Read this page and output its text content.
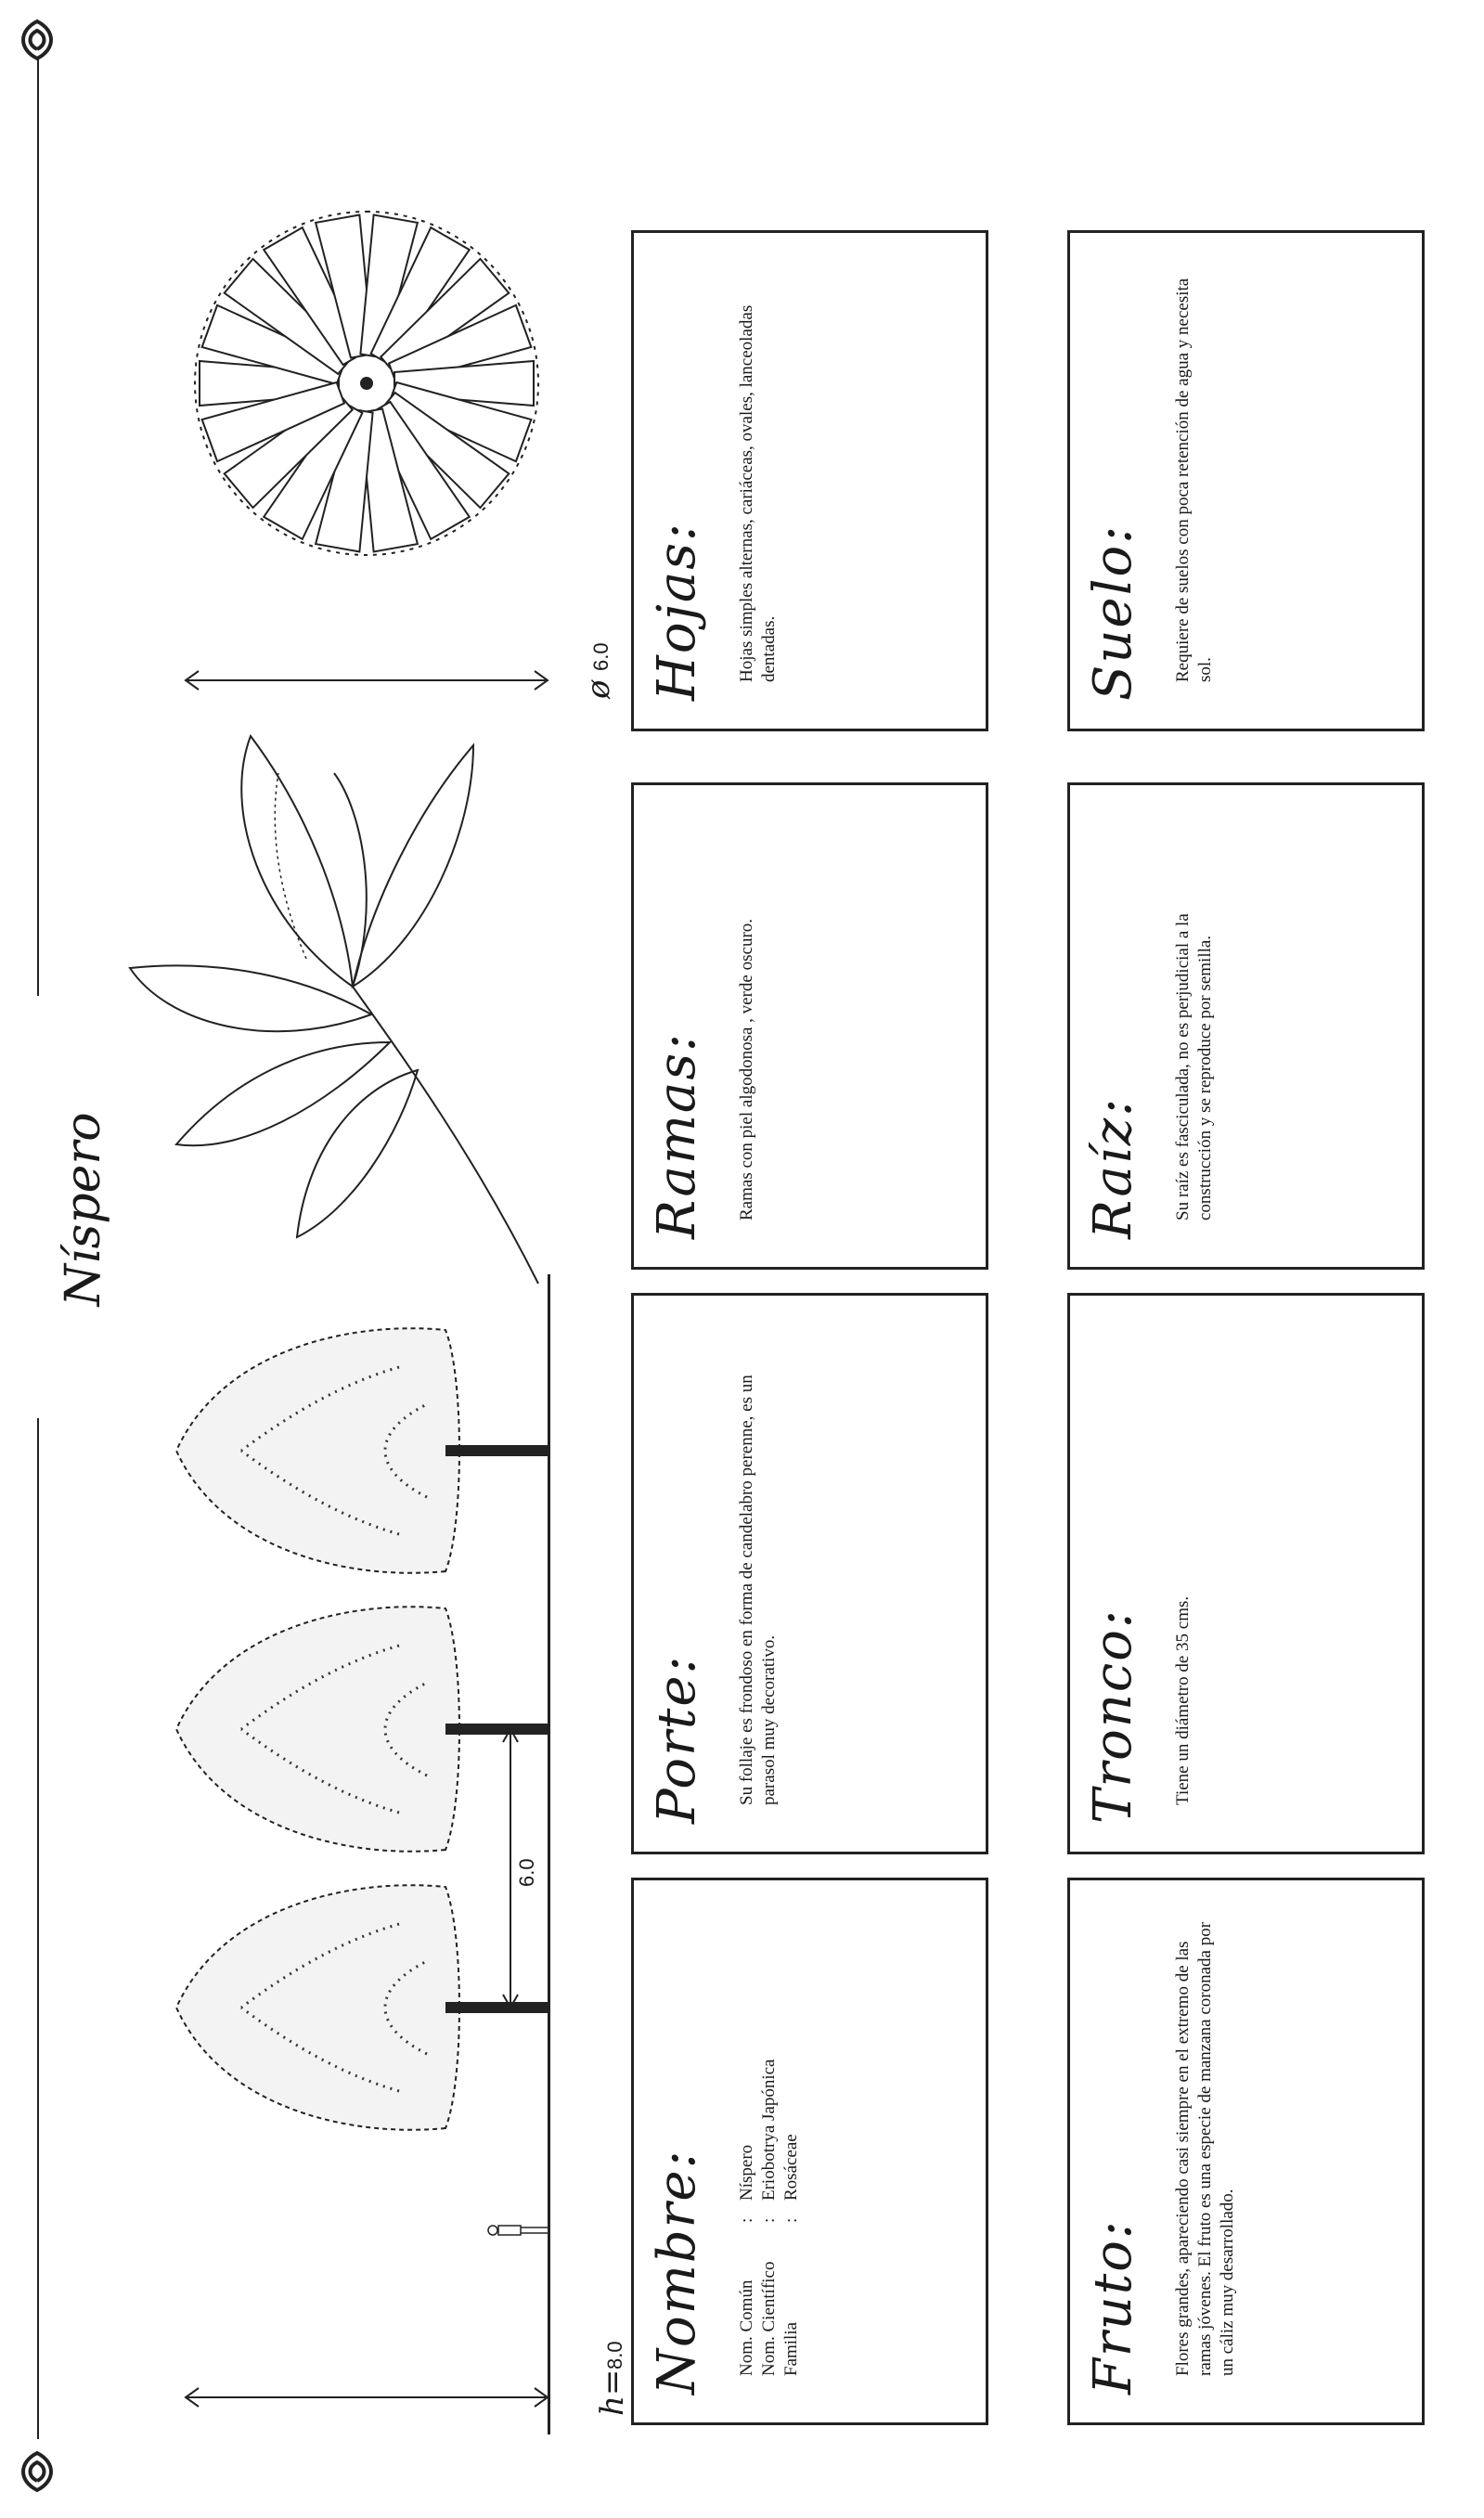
Níspero
h=
8.0
6.0
ø
6.0
Nombre: Nom. Común
:
Níspero
Nom. Científico
:
Eriobotrya Japónica
Familia
:
Rosáceae
Porte: Su follaje es frondoso en forma de candelabro perenne, es un parasol muy decorativo.
Ramas: Ramas con piel algodonosa , verde oscuro.
Hojas: Hojas simples alternas, cariáceas, ovales, lanceoladas dentadas.
Fruto: Flores grandes, apareciendo casi siempre en el extremo de las ramas jóvenes. El fruto es una especie de manzana coronada por un cáliz muy desarrollado.
Tronco: Tiene un diámetro de 35 cms.
Raíz: Su raíz es fasciculada, no es perjudicial a la construcción y se reproduce por semilla.
Suelo: Requiere de suelos con poca retención de agua y necesita sol.
